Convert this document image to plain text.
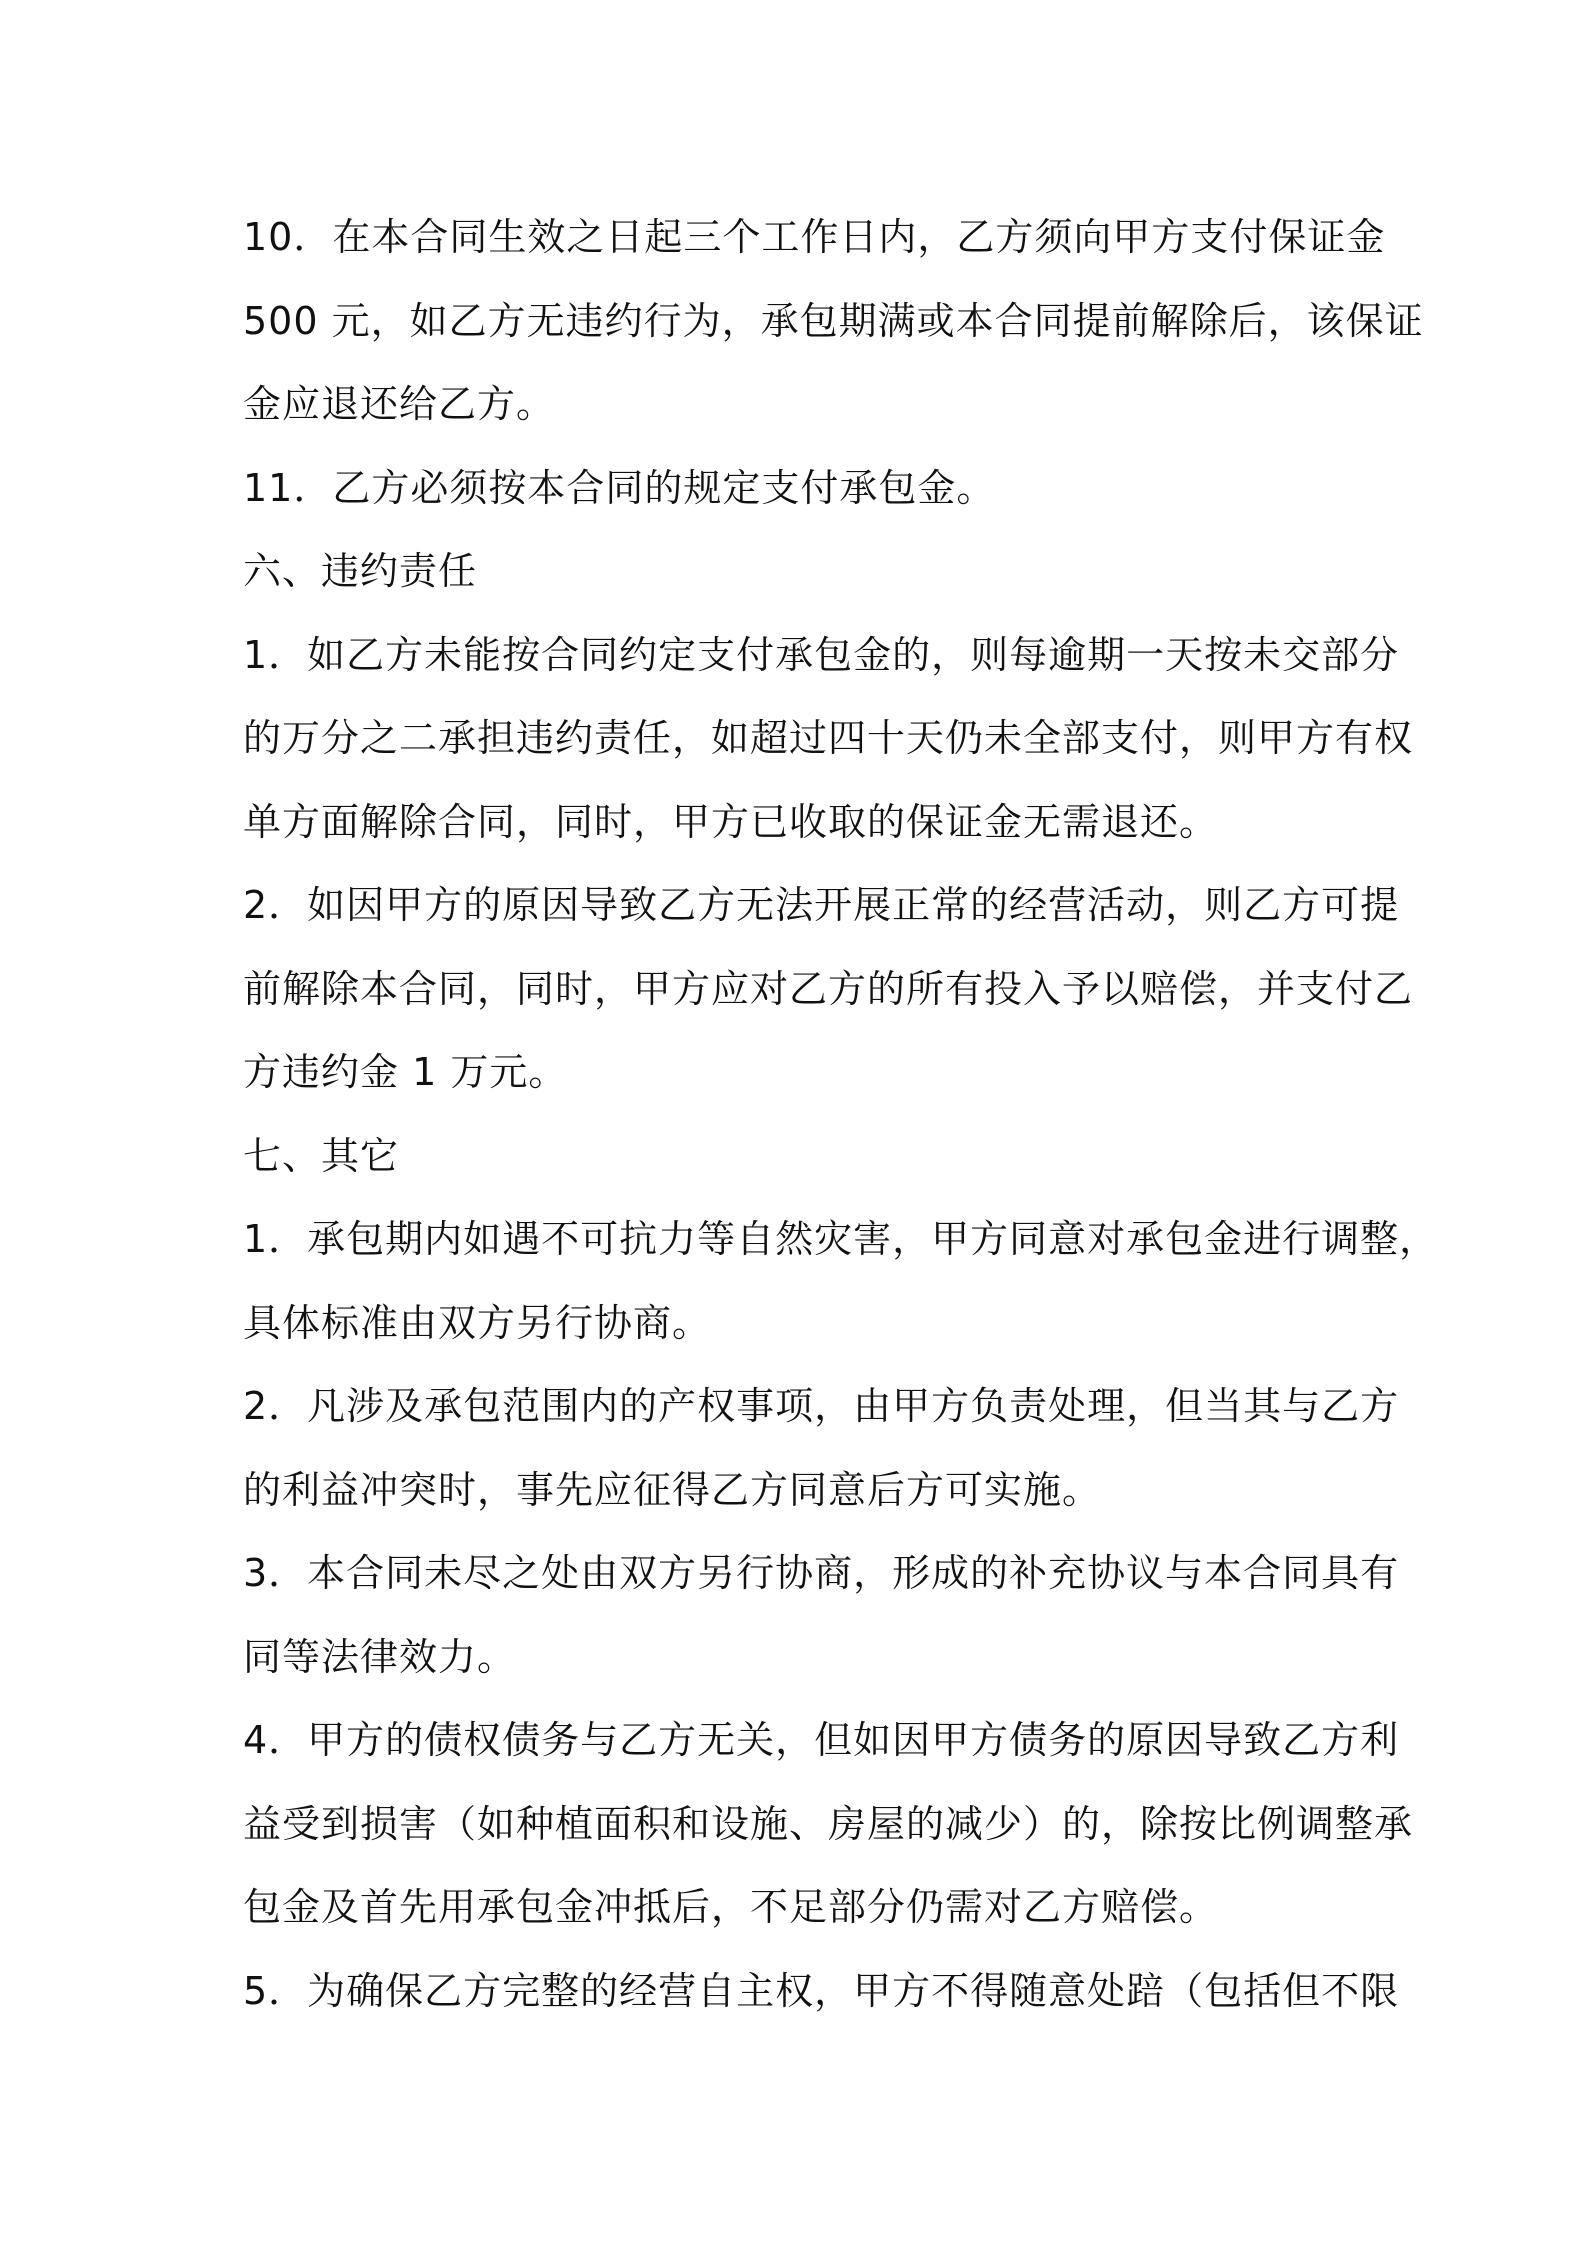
10．在本合同生效之日起三个工作日内，乙方须向甲方支付保证金
500 元，如乙方无违约行为，承包期满或本合同提前解除后，该保证
金应退还给乙方。
11．乙方必须按本合同的规定支付承包金。
六、违约责任
1．如乙方未能按合同约定支付承包金的，则每逾期一天按未交部分
的万分之二承担违约责任，如超过四十天仍未全部支付，则甲方有权
单方面解除合同，同时，甲方已收取的保证金无需退还。
2．如因甲方的原因导致乙方无法开展正常的经营活动，则乙方可提
前解除本合同，同时，甲方应对乙方的所有投入予以赔偿，并支付乙
方违约金 1 万元。
七、其它
1．承包期内如遇不可抗力等自然灾害，甲方同意对承包金进行调整，
具体标准由双方另行协商。
2．凡涉及承包范围内的产权事项，由甲方负责处理，但当其与乙方
的利益冲突时，事先应征得乙方同意后方可实施。
3．本合同未尽之处由双方另行协商，形成的补充协议与本合同具有
同等法律效力。
4．甲方的债权债务与乙方无关，但如因甲方债务的原因导致乙方利
益受到损害（如种植面积和设施、房屋的减少）的，除按比例调整承
包金及首先用承包金冲抵后，不足部分仍需对乙方赔偿。
5．为确保乙方完整的经营自主权，甲方不得随意处踣（包括但不限
